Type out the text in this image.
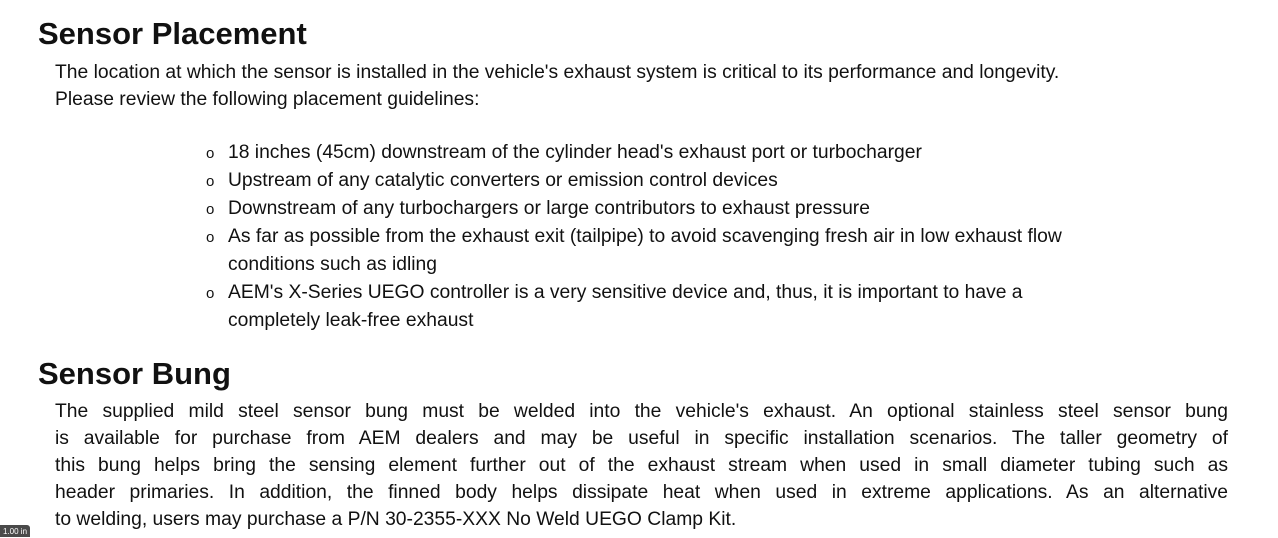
Sensor Placement

The location at which the sensor is installed in the vehicle's exhaust system is critical to its performance and longevity.
Please review the following placement guidelines:

o 18 inches (45cm) downstream of the cylinder head's exhaust port or turbocharger
o Upstream of any catalytic converters or emission control devices
o Downstream of any turbochargers or large contributors to exhaust pressure
o As far as possible from the exhaust exit (tailpipe) to avoid scavenging fresh air in low exhaust flow
conditions such as idling
o AEM's X-Series UEGO controller is a very sensitive device and, thus, it is important to have a
completely leak-free exhaust
Sensor Bung

The supplied mild steel sensor bung must be welded into the vehicle's exhaust. An optional stainless steel sensor bung
is available for purchase from AEM dealers and may be useful in specific installation scenarios. The taller geometry of
this bung helps bring the sensing element further out of the exhaust stream when used in small diameter tubing such as
header primaries. In addition, the finned body helps dissipate heat when used in extreme applications. As an alternative
to welding, users may purchase a P/N 30-2355-XXX No Weld UEGO Clamp Kit.

1.00 in
